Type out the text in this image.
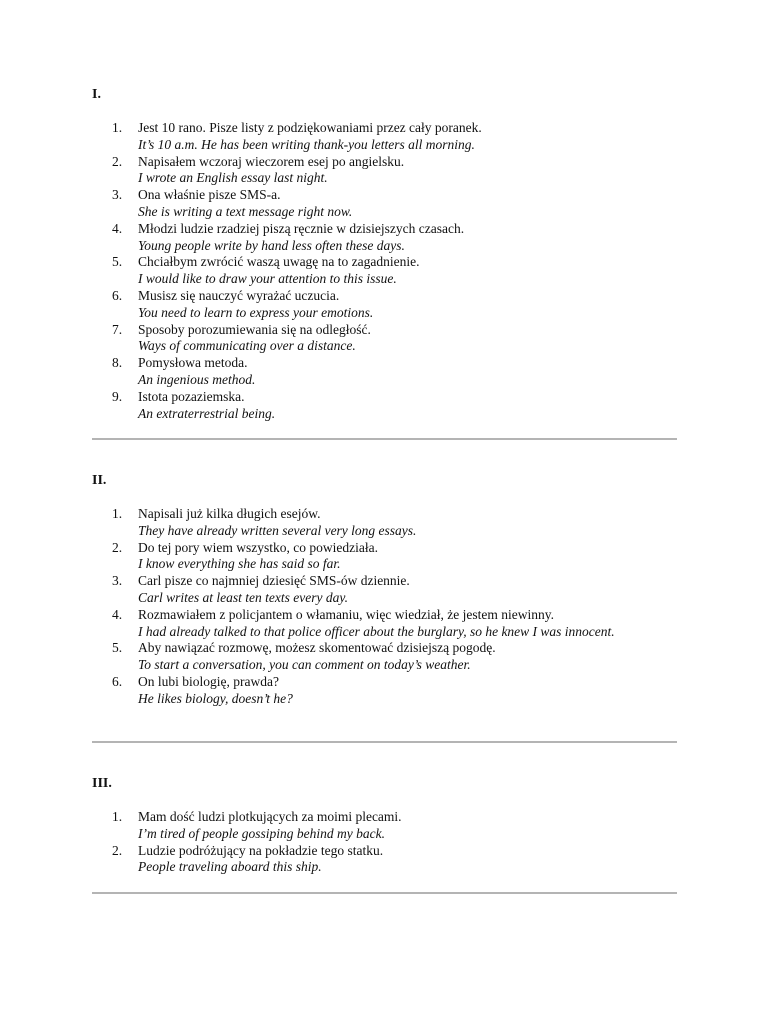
I.
1. Jest 10 rano. Pisze listy z podziękowaniami przez cały poranek.
It’s 10 a.m. He has been writing thank-you letters all morning.
2. Napisałem wczoraj wieczorem esej po angielsku.
I wrote an English essay last night.
3. Ona właśnie pisze SMS-a.
She is writing a text message right now.
4. Młodzi ludzie rzadziej piszą ręcznie w dzisiejszych czasach.
Young people write by hand less often these days.
5. Chciałbym zwrócić waszą uwagę na to zagadnienie.
I would like to draw your attention to this issue.
6. Musisz się nauczyć wyrażać uczucia.
You need to learn to express your emotions.
7. Sposoby porozumiewania się na odległość.
Ways of communicating over a distance.
8. Pomysłowa metoda.
An ingenious method.
9. Istota pozaziemska.
An extraterrestrial being.
II.
1. Napisali już kilka długich esejów.
They have already written several very long essays.
2. Do tej pory wiem wszystko, co powiedziała.
I know everything she has said so far.
3. Carl pisze co najmniej dziesięć SMS-ów dziennie.
Carl writes at least ten texts every day.
4. Rozmawiałem z policjantem o włamaniu, więc wiedział, że jestem niewinny.
I had already talked to that police officer about the burglary, so he knew I was innocent.
5. Aby nawiązać rozmowę, możesz skomentować dzisiejszą pogodę.
To start a conversation, you can comment on today’s weather.
6. On lubi biologię, prawda?
He likes biology, doesn’t he?
III.
1. Mam dość ludzi plotkujących za moimi plecami.
I’m tired of people gossiping behind my back.
2. Ludzie podróżujący na pokładzie tego statku.
People traveling aboard this ship.
